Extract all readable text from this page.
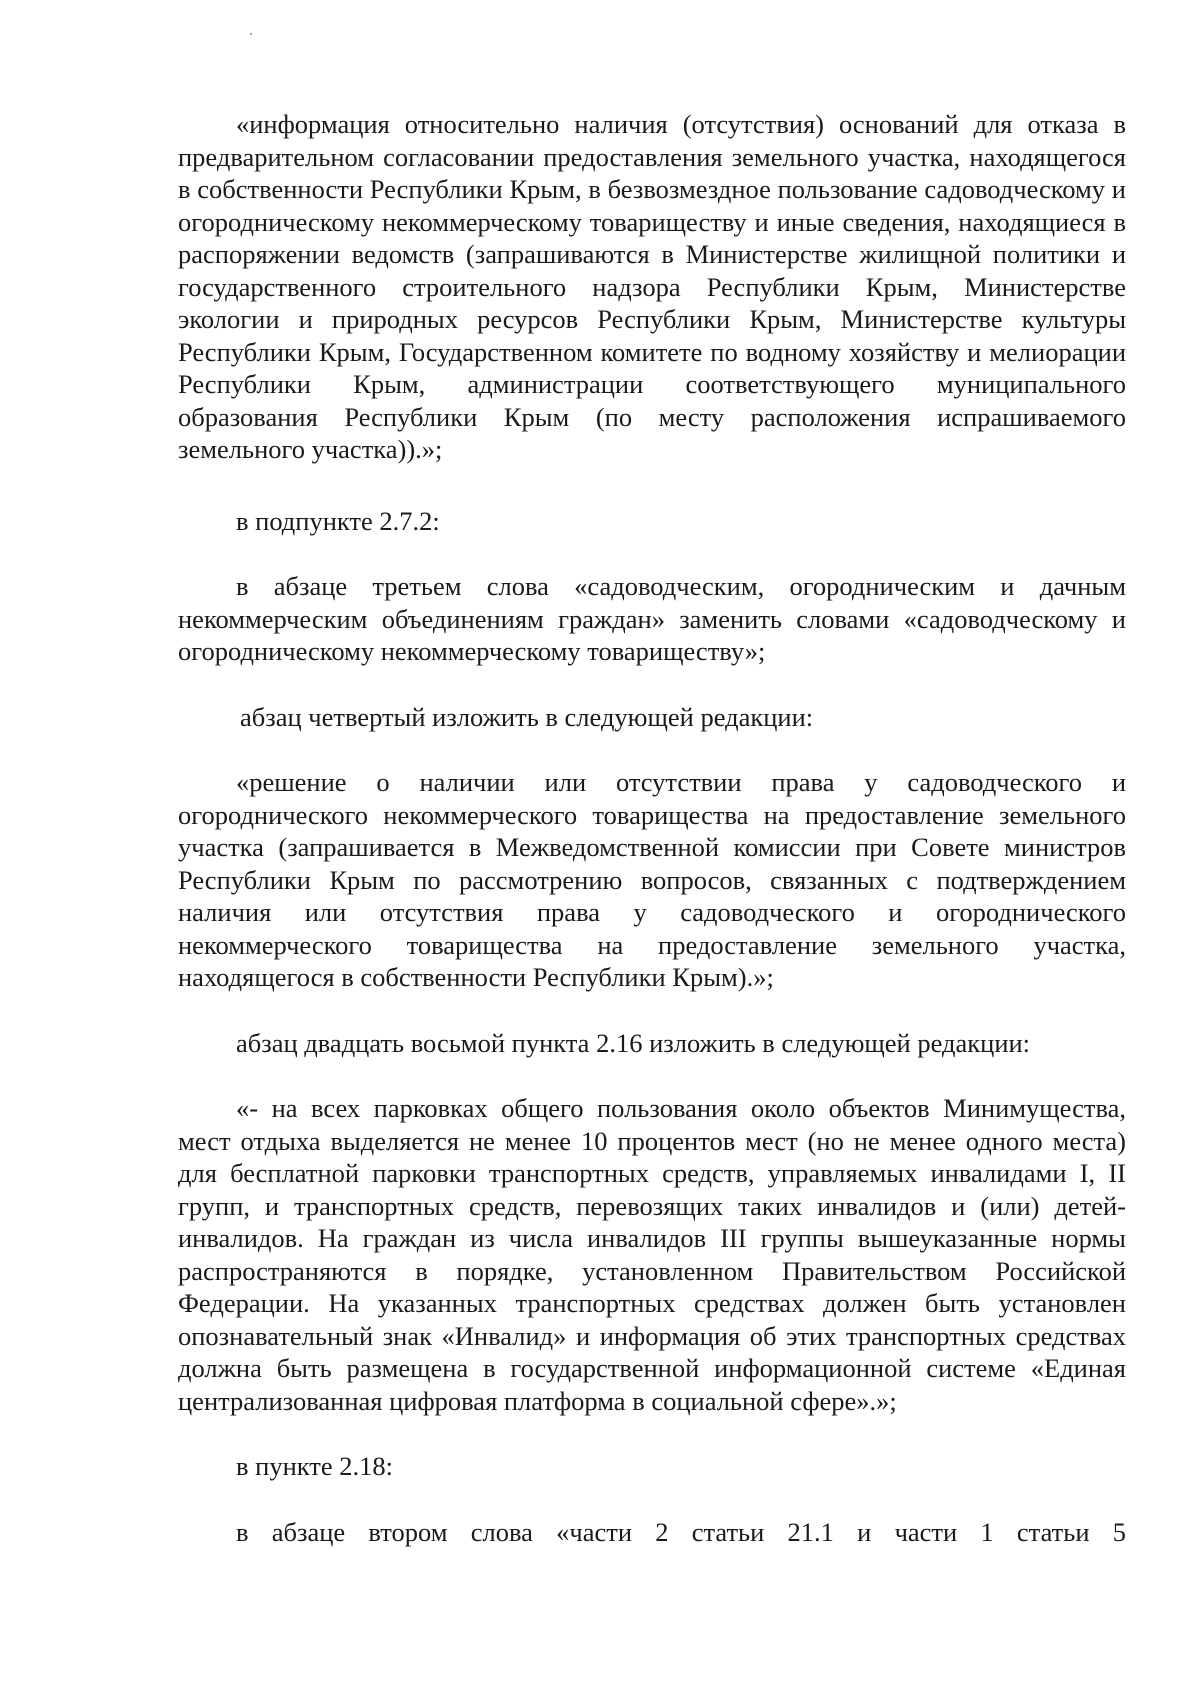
«информация относительно наличия (отсутствия) оснований для отказа в предварительном согласовании предоставления земельного участка, находящегося в собственности Республики Крым, в безвозмездное пользование садоводческому и огородническому некоммерческому товариществу и иные сведения, находящиеся в распоряжении ведомств (запрашиваются в Министерстве жилищной политики и государственного строительного надзора Республики Крым, Министерстве экологии и природных ресурсов Республики Крым, Министерстве культуры Республики Крым, Государственном комитете по водному хозяйству и мелиорации Республики Крым, администрации соответствующего муниципального образования Республики Крым (по месту расположения испрашиваемого земельного участка)).»;

в подпункте 2.7.2:

в абзаце третьем слова «садоводческим, огородническим и дачным некоммерческим объединениям граждан» заменить словами «садоводческому и огородническому некоммерческому товариществу»;

абзац четвертый изложить в следующей редакции:

«решение о наличии или отсутствии права у садоводческого и огороднического некоммерческого товарищества на предоставление земельного участка (запрашивается в Межведомственной комиссии при Совете министров Республики Крым по рассмотрению вопросов, связанных с подтверждением наличия или отсутствия права у садоводческого и огороднического некоммерческого товарищества на предоставление земельного участка, находящегося в собственности Республики Крым).»;

абзац двадцать восьмой пункта 2.16 изложить в следующей редакции:

«- на всех парковках общего пользования около объектов Минимущества, мест отдыха выделяется не менее 10 процентов мест (но не менее одного места) для бесплатной парковки транспортных средств, управляемых инвалидами I, II групп, и транспортных средств, перевозящих таких инвалидов и (или) детей-инвалидов. На граждан из числа инвалидов III группы вышеуказанные нормы распространяются в порядке, установленном Правительством Российской Федерации. На указанных транспортных средствах должен быть установлен опознавательный знак «Инвалид» и информация об этих транспортных средствах должна быть размещена в государственной информационной системе «Единая централизованная цифровая платформа в социальной сфере».»;

в пункте 2.18:

в абзаце втором слова «части 2 статьи 21.1 и части 1 статьи 5
